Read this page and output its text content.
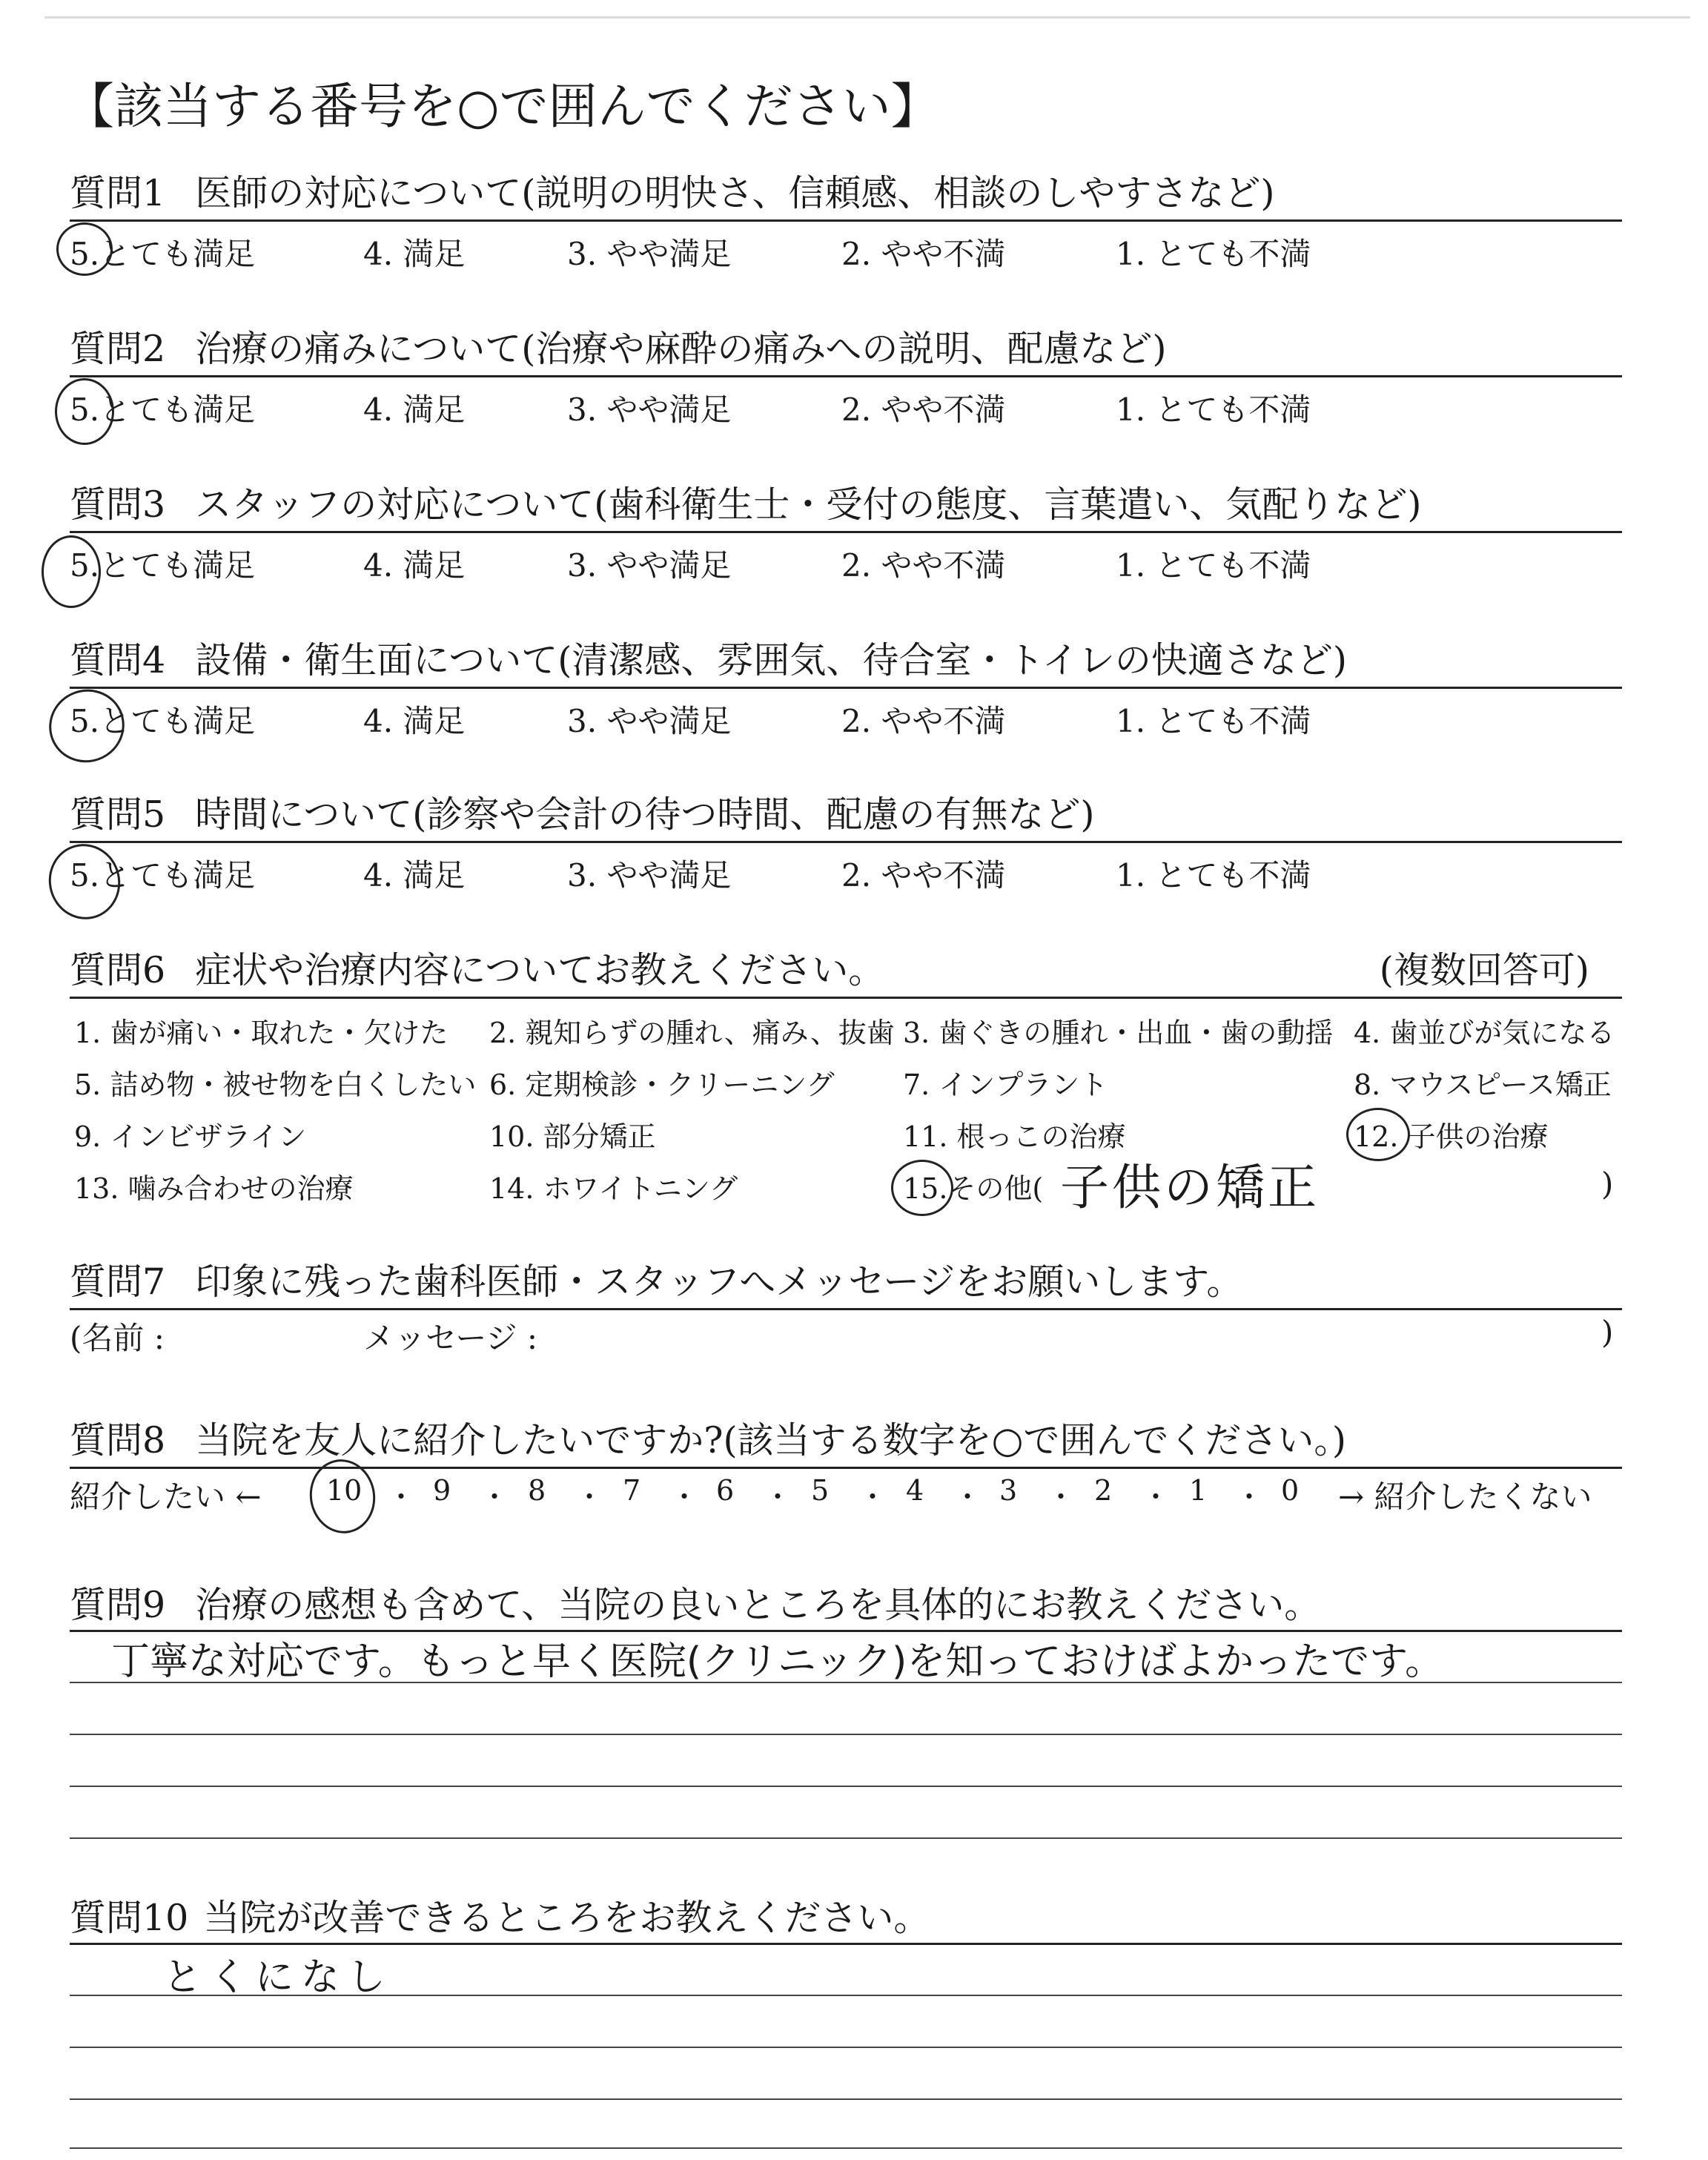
【該当する番号を○で囲んでください】
質問1 医師の対応について(説明の明快さ、信頼感、相談のしやすさなど)
5.とても満足	4. 満足	3. やや満足	2. やや不満	1. とても不満
質問2 治療の痛みについて(治療や麻酔の痛みへの説明、配慮など)
5.とても満足	4. 満足	3. やや満足	2. やや不満	1. とても不満
質問3 スタッフの対応について(歯科衛生士・受付の態度、言葉遣い、気配りなど)
5.とても満足	4. 満足	3. やや満足	2. やや不満	1. とても不満
質問4 設備・衛生面について(清潔感、雰囲気、待合室・トイレの快適さなど)
5.とても満足	4. 満足	3. やや満足	2. やや不満	1. とても不満
質問5 時間について(診察や会計の待つ時間、配慮の有無など)
5.とても満足	4. 満足	3. やや満足	2. やや不満	1. とても不満
質問6 症状や治療内容についてお教えください。	(複数回答可)
1. 歯が痛い・取れた・欠けた 2. 親知らずの腫れ、痛み、抜歯 3. 歯ぐきの腫れ・出血・歯の動揺 4. 歯並びが気になる
5. 詰め物・被せ物を白くしたい 6. 定期検診・クリーニング 7. インプラント	8. マウスピース矯正
9. インビザライン	10. 部分矯正	11. 根っこの治療	12. 子供の治療
13. 噛み合わせの治療	14. ホワイトニング	15.その他( 子供の矯正	)
質問7 印象に残った歯科医師・スタッフへメッセージをお願いします。
(名前 :	メッセージ :	)
質問8 当院を友人に紹介したいですか?(該当する数字を○で囲んでください。)
紹介したい ← 10 ・ 9 ・ 8 ・ 7 ・ 6 ・ 5 ・ 4 ・ 3 ・ 2 ・ 1 ・ 0 → 紹介したくない
質問9 治療の感想も含めて、当院の良いところを具体的にお教えください。
丁寧な対応です。もっと早く医院(クリニック)を知っておけばよかったです。
質問10 当院が改善できるところをお教えください。
とくになし
